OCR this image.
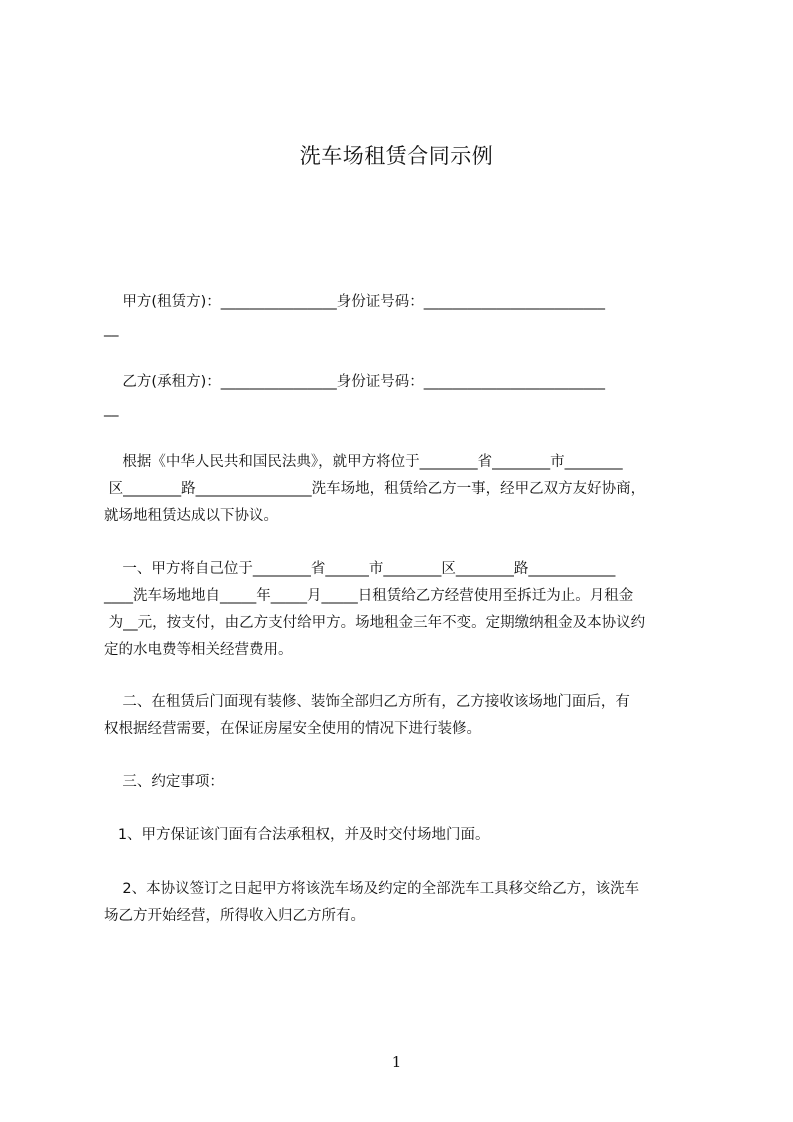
洗车场租赁合同示例
甲方(租赁方)：________________身份证号码：_________________________
__
乙方(承租方)：________________身份证号码：_________________________
__
根据《中华人民共和国民法典》，就甲方将位于________省________市________
区________路________________洗车场地，租赁给乙方一事，经甲乙双方友好协商，
就场地租赁达成以下协议。
一、甲方将自己位于________省______市________区________路____________
____洗车场地地自_____年_____月_____日租赁给乙方经营使用至拆迁为止。月租金
为__元，按支付，由乙方支付给甲方。场地租金三年不变。定期缴纳租金及本协议约
定的水电费等相关经营费用。
二、在租赁后门面现有装修、装饰全部归乙方所有，乙方接收该场地门面后，有
权根据经营需要，在保证房屋安全使用的情况下进行装修。
三、约定事项：
1、甲方保证该门面有合法承租权，并及时交付场地门面。
2、本协议签订之日起甲方将该洗车场及约定的全部洗车工具移交给乙方，该洗车
场乙方开始经营，所得收入归乙方所有。
1
